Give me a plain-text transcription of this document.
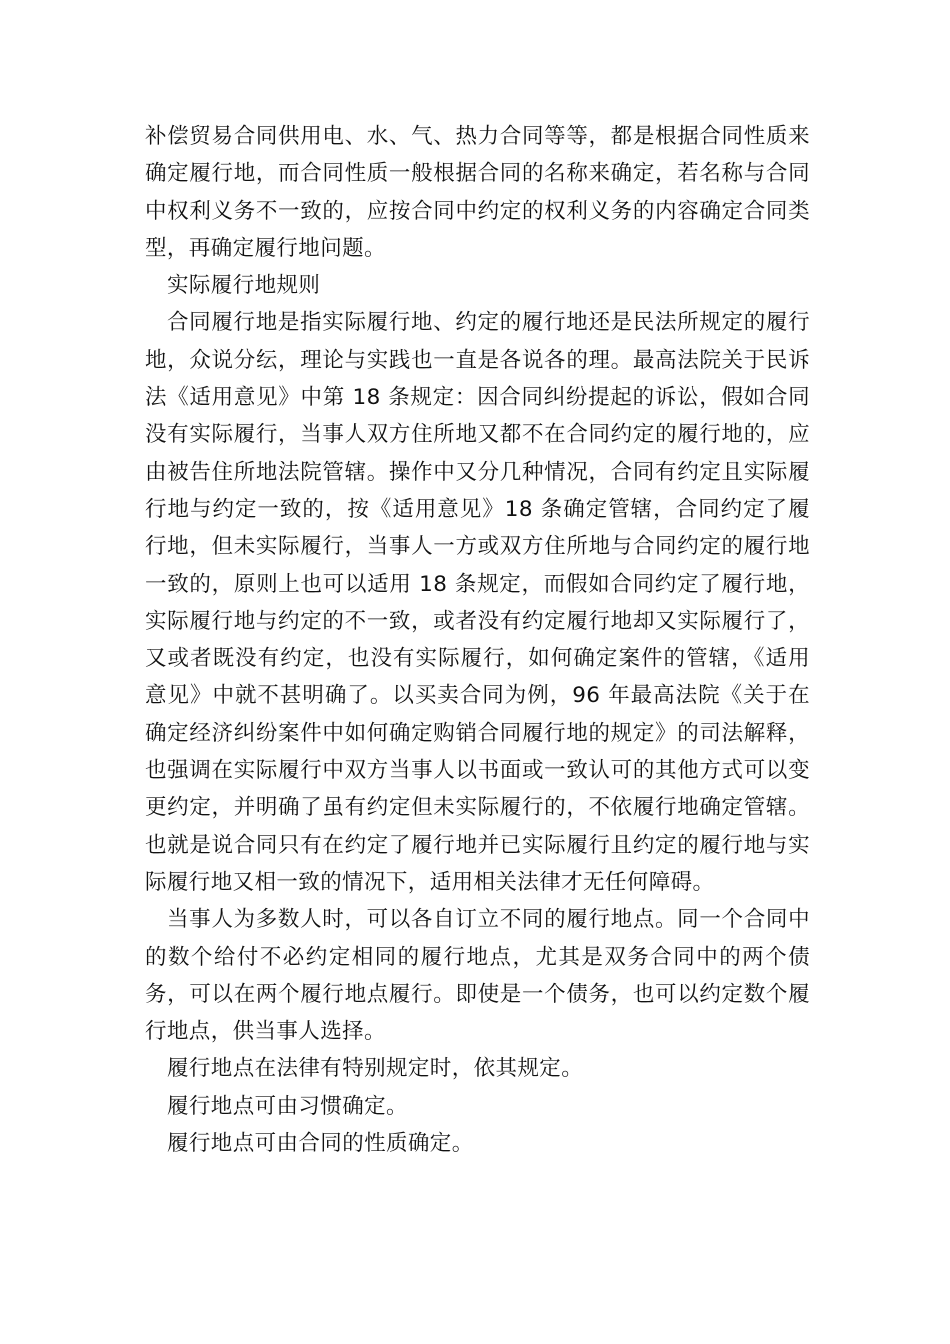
补偿贸易合同供用电、水、气、热力合同等等，都是根据合同性质来确定履行地，而合同性质一般根据合同的名称来确定，若名称与合同中权利义务不一致的，应按合同中约定的权利义务的内容确定合同类型，再确定履行地问题。

实际履行地规则

合同履行地是指实际履行地、约定的履行地还是民法所规定的履行地，众说分纭，理论与实践也一直是各说各的理。最高法院关于民诉法《适用意见》中第 18 条规定：因合同纠纷提起的诉讼，假如合同没有实际履行，当事人双方住所地又都不在合同约定的履行地的，应由被告住所地法院管辖。操作中又分几种情况，合同有约定且实际履行地与约定一致的，按《适用意见》18 条确定管辖，合同约定了履行地，但未实际履行，当事人一方或双方住所地与合同约定的履行地一致的，原则上也可以适用 18 条规定，而假如合同约定了履行地，实际履行地与约定的不一致，或者没有约定履行地却又实际履行了，又或者既没有约定，也没有实际履行，如何确定案件的管辖，《适用意见》中就不甚明确了。以买卖合同为例，96 年最高法院《关于在确定经济纠纷案件中如何确定购销合同履行地的规定》的司法解释，也强调在实际履行中双方当事人以书面或一致认可的其他方式可以变更约定，并明确了虽有约定但未实际履行的，不依履行地确定管辖。也就是说合同只有在约定了履行地并已实际履行且约定的履行地与实际履行地又相一致的情况下，适用相关法律才无任何障碍。

当事人为多数人时，可以各自订立不同的履行地点。同一个合同中的数个给付不必约定相同的履行地点，尤其是双务合同中的两个债务，可以在两个履行地点履行。即使是一个债务，也可以约定数个履行地点，供当事人选择。

履行地点在法律有特别规定时，依其规定。

履行地点可由习惯确定。

履行地点可由合同的性质确定。
